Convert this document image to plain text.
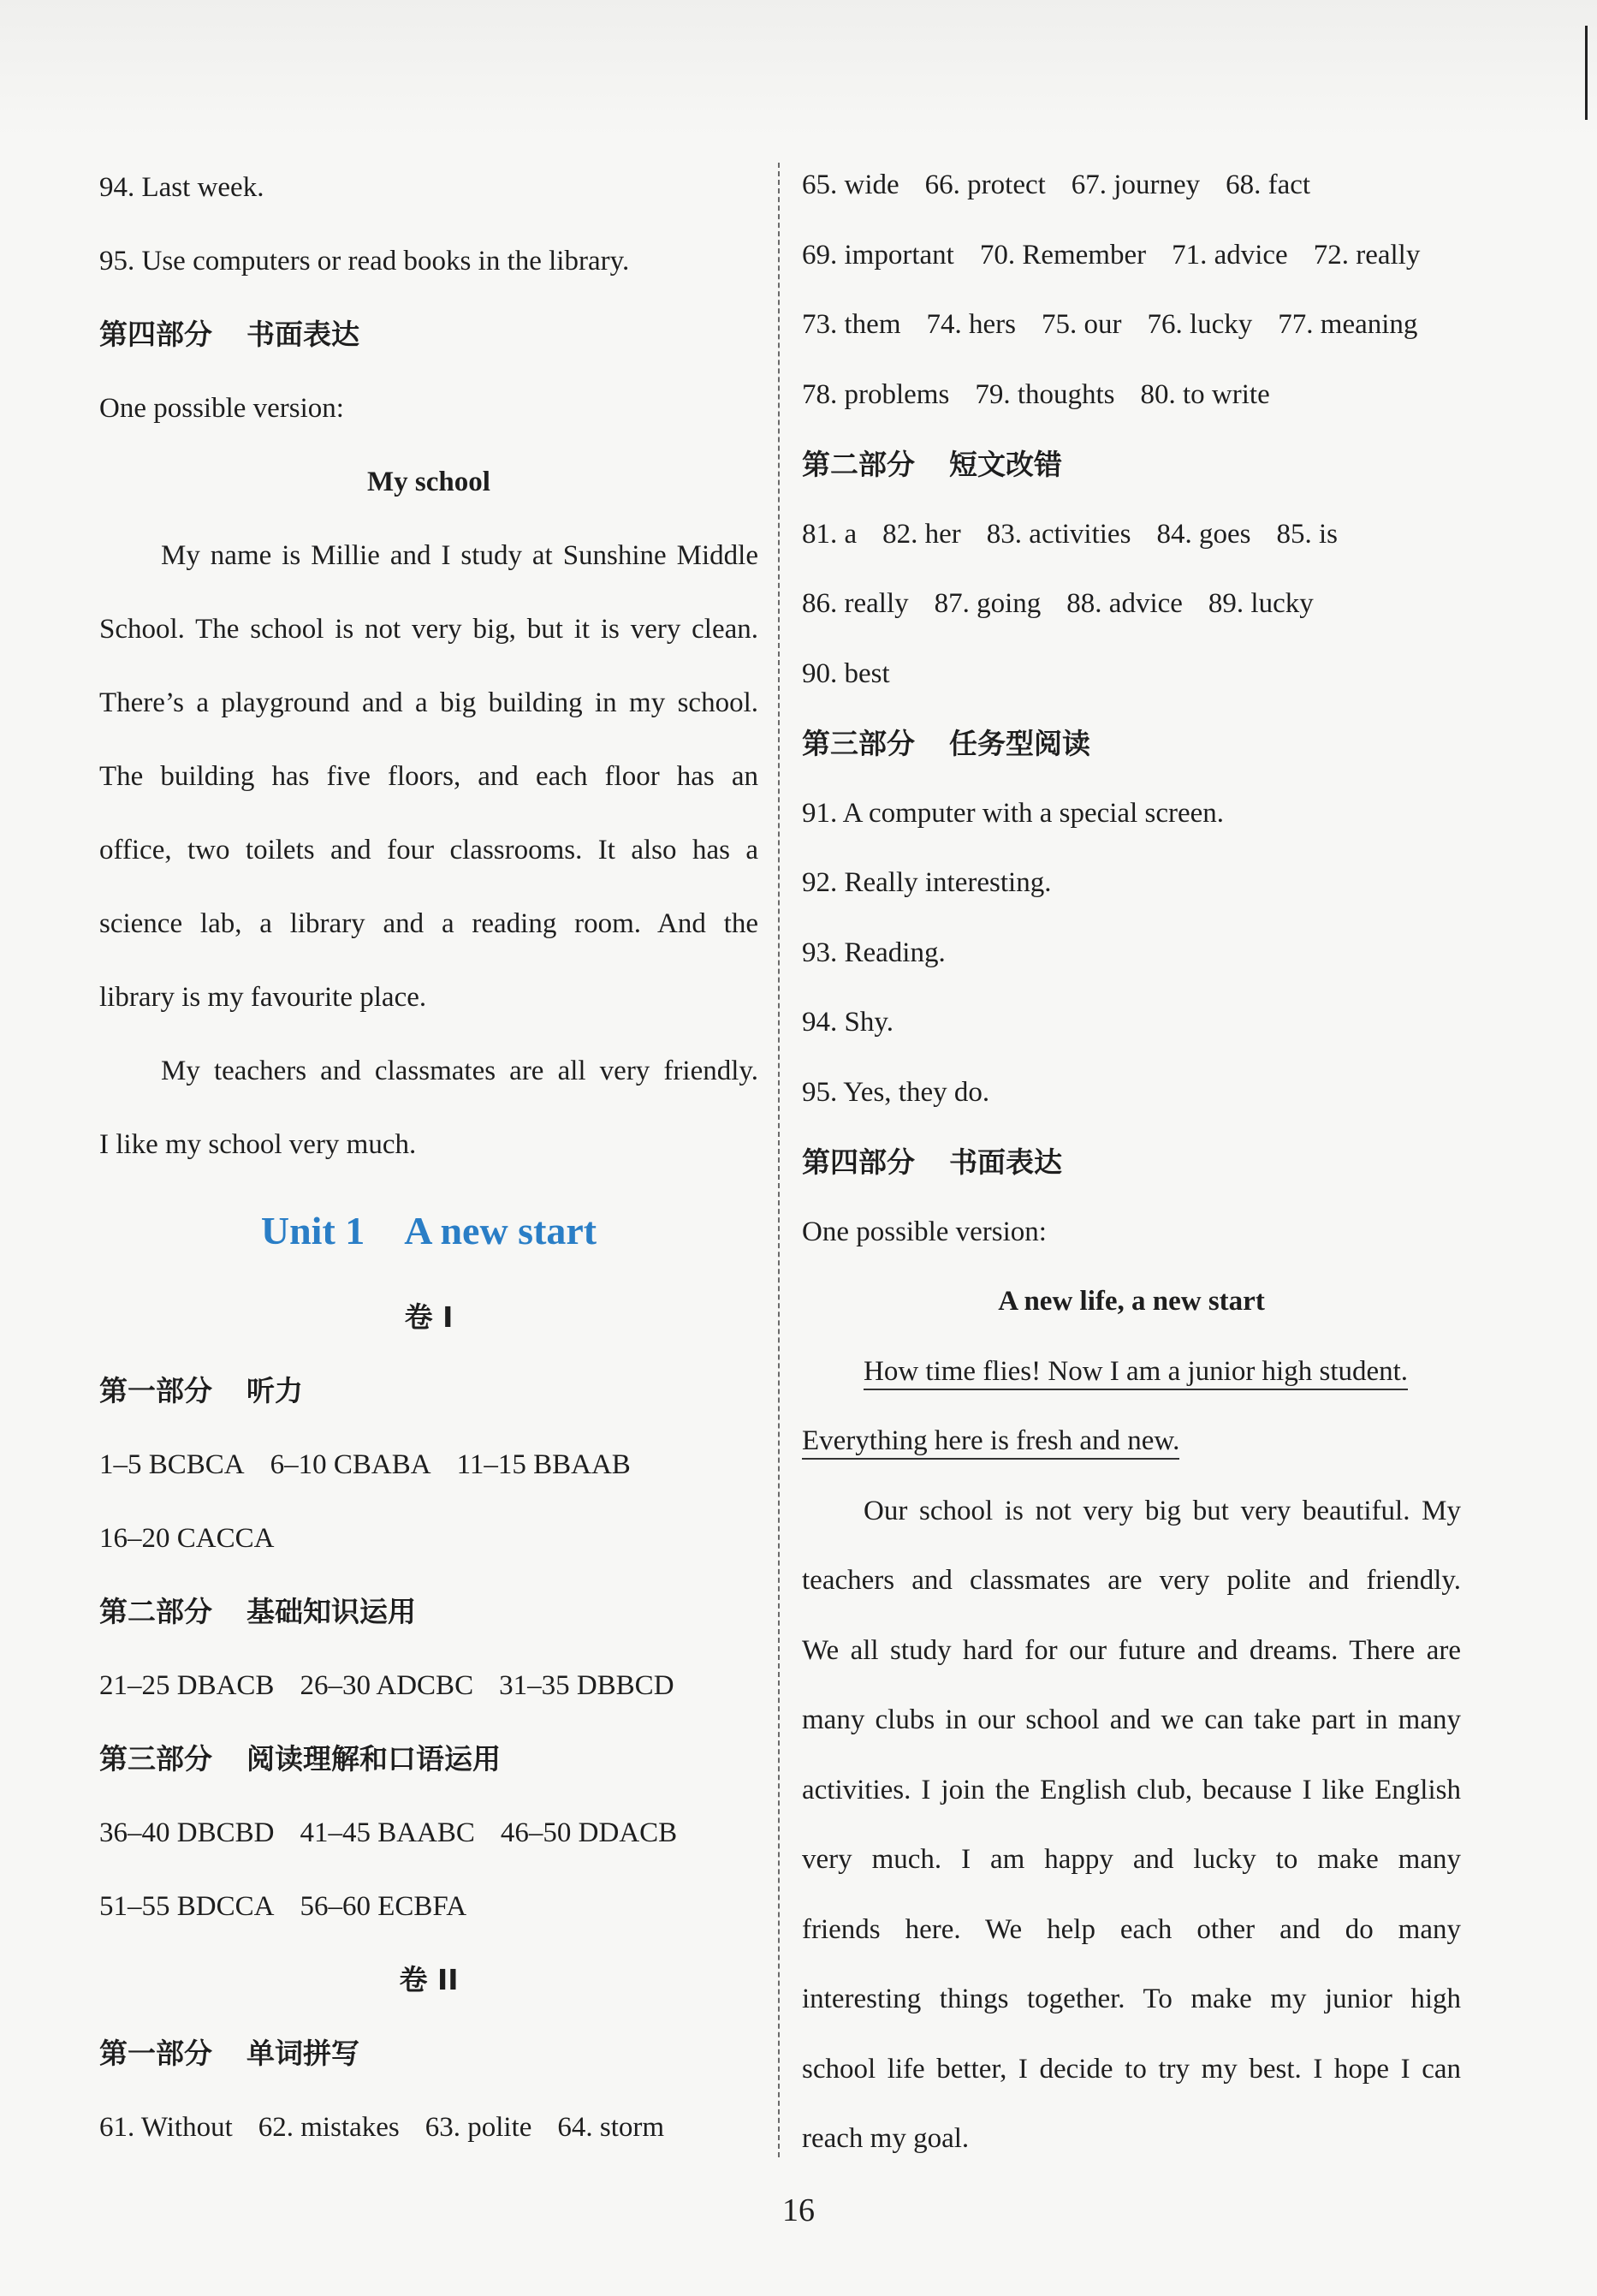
94. Last week.
95. Use computers or read books in the library.
第四部分 书面表达
One possible version:
My school
My name is Millie and I study at Sunshine Middle
School. The school is not very big, but it is very clean.
There’s a playground and a big building in my school.
The building has five floors, and each floor has an
office, two toilets and four classrooms. It also has a
science lab, a library and a reading room. And the
library is my favourite place.
My teachers and classmates are all very friendly.
I like my school very much.
Unit 1 A new start
卷 I
第一部分 听力
1–5 BCBCA 6–10 CBABA 11–15 BBAAB
16–20 CACCA
第二部分 基础知识运用
21–25 DBACB 26–30 ADCBC 31–35 DBBCD
第三部分 阅读理解和口语运用
36–40 DBCBD 41–45 BAABC 46–50 DDACB
51–55 BDCCA 56–60 ECBFA
卷 II
第一部分 单词拼写
61. Without 62. mistakes 63. polite 64. storm
65. wide 66. protect 67. journey 68. fact
69. important 70. Remember 71. advice 72. really
73. them 74. hers 75. our 76. lucky 77. meaning
78. problems 79. thoughts 80. to write
第二部分 短文改错
81. a 82. her 83. activities 84. goes 85. is
86. really 87. going 88. advice 89. lucky
90. best
第三部分 任务型阅读
91. A computer with a special screen.
92. Really interesting.
93. Reading.
94. Shy.
95. Yes, they do.
第四部分 书面表达
One possible version:
A new life, a new start
How time flies! Now I am a junior high student.
Everything here is fresh and new.
Our school is not very big but very beautiful. My
teachers and classmates are very polite and friendly.
We all study hard for our future and dreams. There are
many clubs in our school and we can take part in many
activities. I join the English club, because I like English
very much. I am happy and lucky to make many
friends here. We help each other and do many
interesting things together. To make my junior high
school life better, I decide to try my best. I hope I can
reach my goal.
16
